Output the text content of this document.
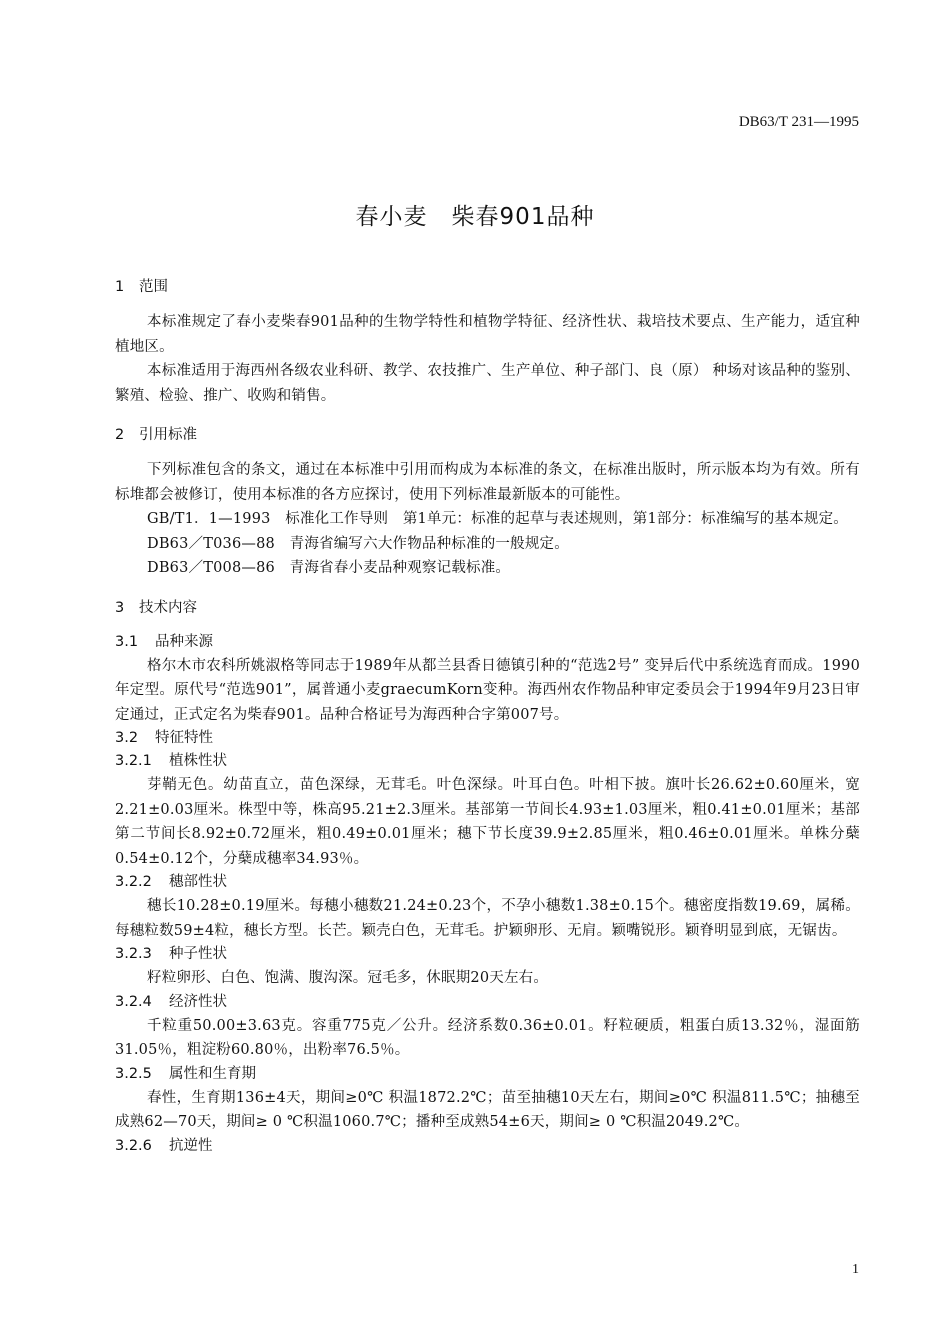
DB63/T 231—1995
春小麦　柴春901品种
1 范围

本标准规定了春小麦柴春901品种的生物学特性和植物学特征、经济性状、栽培技术要点、生产能力，适宜种植地区。

本标准适用于海西州各级农业科研、教学、农技推广、生产单位、种子部门、良（原） 种场对该品种的鉴别、繁殖、检验、推广、收购和销售。

2 引用标准

下列标准包含的条文，通过在本标准中引用而构成为本标准的条文，在标准出版时，所示版本均为有效。所有标堆都会被修订，使用本标准的各方应探讨，使用下列标准最新版本的可能性。

GB/T1．1—1993　标准化工作导则　第1单元：标准的起草与表述规则，第1部分：标准编写的基本规定。

DB63／T036—88　青海省编写六大作物品种标准的一般规定。

DB63／T008—86　青海省春小麦品种观察记载标准。

3 技术内容
3.1 品种来源

格尔木市农科所姚淑格等同志于1989年从都兰县香日德镇引种的“范选2号” 变异后代中系统选育而成。1990年定型。原代号“范选901”，属普通小麦graecumKorn变种。海西州农作物品种审定委员会于1994年9月23日审定通过，正式定名为柴春901。品种合格证号为海西种合字第007号。

3.2 特征特性
3.2.1 植株性状

芽鞘无色。幼苗直立，苗色深绿，无茸毛。叶色深绿。叶耳白色。叶相下披。旗叶长26.62±0.60厘米，宽2.21±0.03厘米。株型中等，株高95.21±2.3厘米。基部第一节间长4.93±1.03厘米，粗0.41±0.01厘米；基部第二节间长8.92±0.72厘米，粗0.49±0.01厘米；穗下节长度39.9±2.85厘米，粗0.46±0.01厘米。单株分蘖0.54±0.12个，分蘖成穗率34.93％。

3.2.2 穗部性状

穗长10.28±0.19厘米。每穗小穗数21.24±0.23个，不孕小穗数1.38±0.15个。穗密度指数19.69，属稀。每穗粒数59±4粒，穗长方型。长芒。颖壳白色，无茸毛。护颖卵形、无肩。颖嘴锐形。颖脊明显到底，无锯齿。

3.2.3 种子性状

籽粒卵形、白色、饱满、腹沟深。冠毛多，休眠期20天左右。

3.2.4 经济性状

千粒重50.00±3.63克。容重775克／公升。经济系数0.36±0.01。籽粒硬质，粗蛋白质13.32％，湿面筋31.05％，粗淀粉60.80％，出粉率76.5％。

3.2.5 属性和生育期

春性，生育期136±4天，期间≥0℃ 积温1872.2℃；苗至抽穗10天左右，期间≥0℃ 积温811.5℃；抽穗至成熟62—70天，期间≥ 0 ℃积温1060.7℃；播种至成熟54±6天，期间≥ 0 ℃积温2049.2℃。

3.2.6 抗逆性
1
